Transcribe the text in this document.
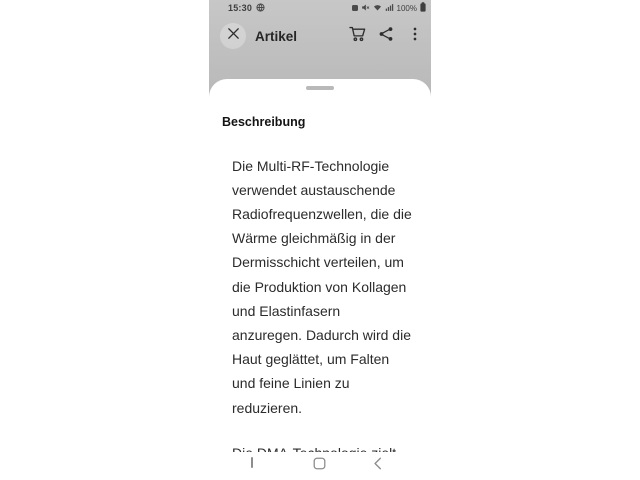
15:30	100%
Artikel
Beschreibung
Die Multi-RF-Technologie
verwendet austauschende
Radiofrequenzwellen, die die
Wärme gleichmäßig in der
Dermisschicht verteilen, um
die Produktion von Kollagen
und Elastinfasern
anzuregen. Dadurch wird die
Haut geglättet, um Falten
und feine Linien zu
reduzieren.
